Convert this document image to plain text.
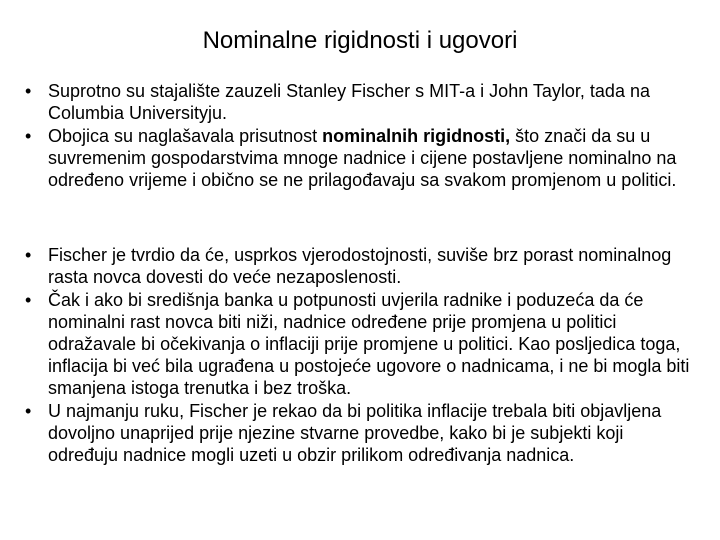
Nominalne rigidnosti i ugovori
• Suprotno su stajalište zauzeli Stanley Fischer s MIT-a i John Taylor, tada na Columbia Universityju.
• Obojica su naglašavala prisutnost nominalnih rigidnosti, što znači da su u suvremenim gospodarstvima mnoge nadnice i cijene postavljene nominalno na određeno vrijeme i obično se ne prilagođavaju sa svakom promjenom u politici.
• Fischer je tvrdio da će, usprkos vjerodostojnosti, suviše brz porast nominalnog rasta novca dovesti do veće nezaposlenosti.
• Čak i ako bi središnja banka u potpunosti uvjerila radnike i poduzeća da će nominalni rast novca biti niži, nadnice određene prije promjena u politici odražavale bi očekivanja o inflaciji prije promjene u politici. Kao posljedica toga, inflacija bi već bila ugrađena u postojeće ugovore o nadnicama, i ne bi mogla biti smanjena istoga trenutka i bez troška.
• U najmanju ruku, Fischer je rekao da bi politika inflacije trebala biti objavljena dovoljno unaprijed prije njezine stvarne provedbe, kako bi je subjekti koji određuju nadnice mogli uzeti u obzir prilikom određivanja nadnica.
